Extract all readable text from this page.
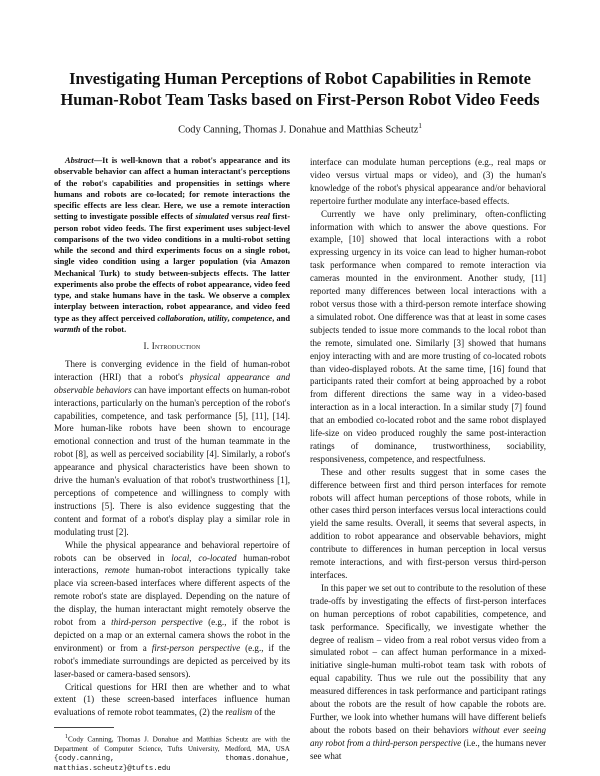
Investigating Human Perceptions of Robot Capabilities in Remote
Human-Robot Team Tasks based on First-Person Robot Video Feeds
Cody Canning, Thomas J. Donahue and Matthias Scheutz$^1$

Abstract—It is well-known that a robot's appearance and its observable behavior can affect a human interactant's perceptions of the robot's capabilities and propensities in settings where humans and robots are co-located; for remote interactions the specific effects are less clear. Here, we use a remote interaction setting to investigate possible effects of simulated versus real first-person robot video feeds. The first experiment uses subject-level comparisons of the two video conditions in a multi-robot setting while the second and third experiments focus on a single robot, single video condition using a larger population (via Amazon Mechanical Turk) to study between-subjects effects. The latter experiments also probe the effects of robot appearance, video feed type, and stake humans have in the task. We observe a complex interplay between interaction, robot appearance, and video feed type as they affect perceived collaboration, utility, competence, and warmth of the robot.

I. Introduction

There is converging evidence in the field of human-robot interaction (HRI) that a robot's physical appearance and observable behaviors can have important effects on human-robot interactions, particularly on the human's perception of the robot's capabilities, competence, and task performance [5], [11], [14]. More human-like robots have been shown to encourage emotional connection and trust of the human teammate in the robot [8], as well as perceived sociability [4]. Similarly, a robot's appearance and physical characteristics have been shown to drive the human's evaluation of that robot's trustworthiness [1], perceptions of competence and willingness to comply with instructions [5]. There is also evidence suggesting that the content and format of a robot's display play a similar role in modulating trust [2].

While the physical appearance and behavioral repertoire of robots can be observed in local, co-located human-robot interactions, remote human-robot interactions typically take place via screen-based interfaces where different aspects of the remote robot's state are displayed. Depending on the nature of the display, the human interactant might remotely observe the robot from a third-person perspective (e.g., if the robot is depicted on a map or an external camera shows the robot in the environment) or from a first-person perspective (e.g., if the robot's immediate surroundings are depicted as perceived by its laser-based or camera-based sensors).

Critical questions for HRI then are whether and to what extent (1) these screen-based interfaces influence human evaluations of remote robot teammates, (2) the realism of the

$^1$Cody Canning, Thomas J. Donahue and Matthias Scheutz are with the Department of Computer Science, Tufts University, Medford, MA, USA {cody.canning, thomas.donahue, matthias.scheutz}@tufts.edu

interface can modulate human perceptions (e.g., real maps or video versus virtual maps or video), and (3) the human's knowledge of the robot's physical appearance and/or behavioral repertoire further modulate any interface-based effects.

Currently we have only preliminary, often-conflicting information with which to answer the above questions. For example, [10] showed that local interactions with a robot expressing urgency in its voice can lead to higher human-robot task performance when compared to remote interaction via cameras mounted in the environment. Another study, [11] reported many differences between local interactions with a robot versus those with a third-person remote interface showing a simulated robot. One difference was that at least in some cases subjects tended to issue more commands to the local robot than the remote, simulated one. Similarly [3] showed that humans enjoy interacting with and are more trusting of co-located robots than video-displayed robots. At the same time, [16] found that participants rated their comfort at being approached by a robot from different directions the same way in a video-based interaction as in a local interaction. In a similar study [7] found that an embodied co-located robot and the same robot displayed life-size on video produced roughly the same post-interaction ratings of dominance, trustworthiness, sociability, responsiveness, competence, and respectfulness.

These and other results suggest that in some cases the difference between first and third person interfaces for remote robots will affect human perceptions of those robots, while in other cases third person interfaces versus local interactions could yield the same results. Overall, it seems that several aspects, in addition to robot appearance and observable behaviors, might contribute to differences in human perception in local versus remote interactions, and with first-person versus third-person interfaces.

In this paper we set out to contribute to the resolution of these trade-offs by investigating the effects of first-person interfaces on human perceptions of robot capabilities, competence, and task performance. Specifically, we investigate whether the degree of realism – video from a real robot versus video from a simulated robot – can affect human performance in a mixed-initiative single-human multi-robot team task with robots of equal capability. Thus we rule out the possibility that any measured differences in task performance and participant ratings about the robots are the result of how capable the robots are. Further, we look into whether humans will have different beliefs about the robots based on their behaviors without ever seeing any robot from a third-person perspective (i.e., the humans never see what
